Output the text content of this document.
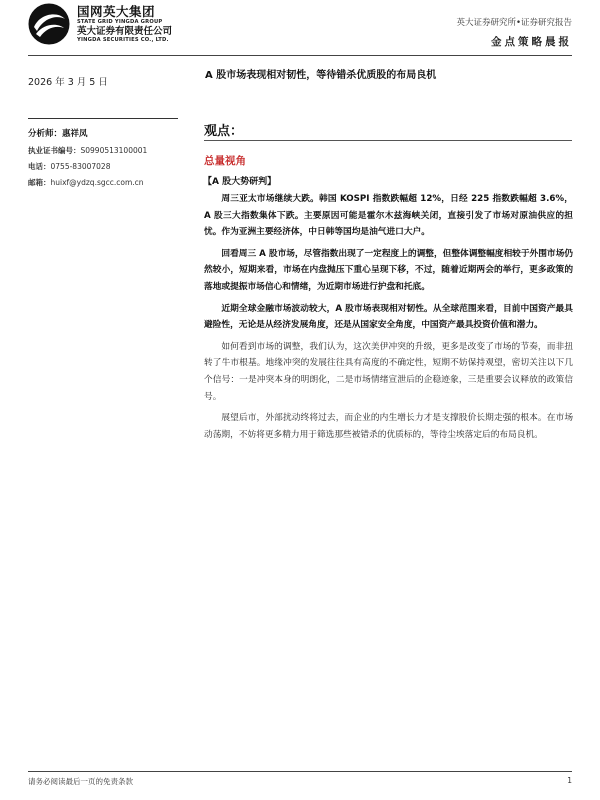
国网英大集团
STATE GRID YINGDA GROUP
英大证券有限责任公司
YINGDA SECURITIES CO., LTD.
英大证券研究所•证券研究报告
金点策略晨报
2026 年 3 月 5 日
分析师：惠祥凤
执业证书编号：S0990513100001
电话：0755-83007028
邮箱：huixf@ydzq.sgcc.com.cn
A 股市场表现相对韧性，等待错杀优质股的布局良机
观点：
总量视角
【A 股大势研判】

周三亚太市场继续大跌。韩国 KOSPI 指数跌幅超 12%，日经 225 指数跌幅超 3.6%，A 股三大指数集体下跌。主要原因可能是霍尔木兹海峡关闭，直接引发了市场对原油供应的担忧。作为亚洲主要经济体，中日韩等国均是油气进口大户。

回看周三 A 股市场，尽管指数出现了一定程度上的调整，但整体调整幅度相较于外围市场仍然较小，短期来看，市场在内盘抛压下重心呈现下移，不过，随着近期两会的举行，更多政策的落地或提振市场信心和情绪，为近期市场进行护盘和托底。

近期全球金融市场波动较大，A 股市场表现相对韧性。从全球范围来看，目前中国资产最具避险性，无论是从经济发展角度，还是从国家安全角度，中国资产最具投资价值和潜力。

如何看到市场的调整，我们认为，这次美伊冲突的升级，更多是改变了市场的节奏，而非扭转了牛市根基。地缘冲突的发展往往具有高度的不确定性，短期不妨保持观望，密切关注以下几个信号：一是冲突本身的明朗化，二是市场情绪宣泄后的企稳迹象，三是重要会议释放的政策信号。

展望后市，外部扰动终将过去，而企业的内生增长力才是支撑股价长期走强的根本。在市场动荡期，不妨将更多精力用于筛选那些被错杀的优质标的，等待尘埃落定后的布局良机。

请务必阅读最后一页的免责条款	1
